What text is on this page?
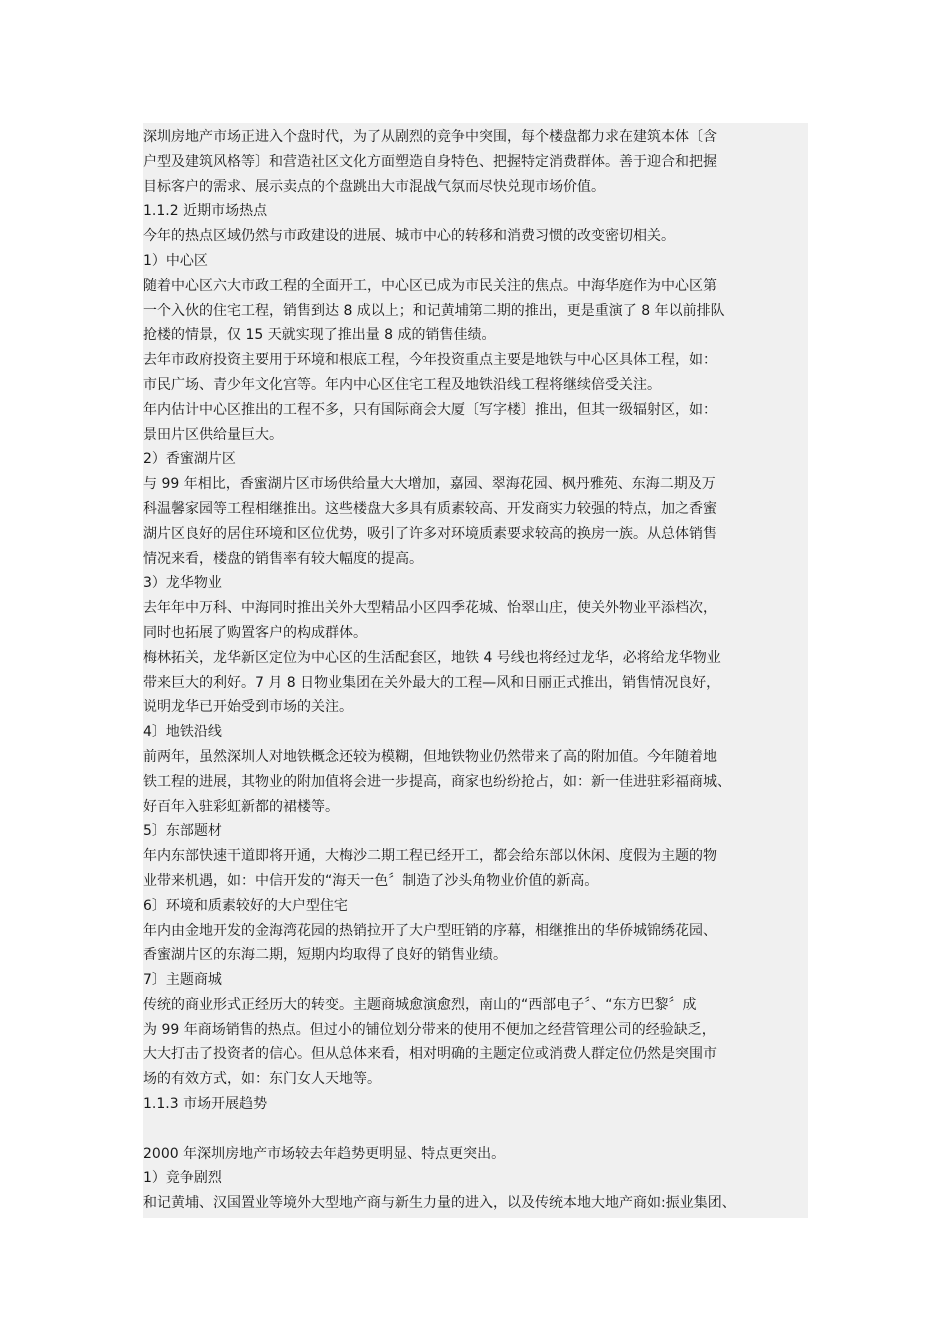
深圳房地产市场正进入个盘时代，为了从剧烈的竞争中突围，每个楼盘都力求在建筑本体〔含
户型及建筑风格等〕和营造社区文化方面塑造自身特色、把握特定消费群体。善于迎合和把握
目标客户的需求、展示卖点的个盘跳出大市混战气氛而尽快兑现市场价值。
1.1.2 近期市场热点
今年的热点区域仍然与市政建设的进展、城市中心的转移和消费习惯的改变密切相关。
1）中心区
随着中心区六大市政工程的全面开工，中心区已成为市民关注的焦点。中海华庭作为中心区第
一个入伙的住宅工程，销售到达 8 成以上；和记黄埔第二期的推出，更是重演了 8 年以前排队
抢楼的情景，仅 15 天就实现了推出量 8 成的销售佳绩。
去年市政府投资主要用于环境和根底工程，今年投资重点主要是地铁与中心区具体工程，如：
市民广场、青少年文化宫等。年内中心区住宅工程及地铁沿线工程将继续倍受关注。
年内估计中心区推出的工程不多，只有国际商会大厦〔写字楼〕推出，但其一级辐射区，如：
景田片区供给量巨大。
2）香蜜湖片区
与 99 年相比，香蜜湖片区市场供给量大大增加，嘉园、翠海花园、枫丹雅苑、东海二期及万
科温馨家园等工程相继推出。这些楼盘大多具有质素较高、开发商实力较强的特点，加之香蜜
湖片区良好的居住环境和区位优势，吸引了许多对环境质素要求较高的换房一族。从总体销售
情况来看，楼盘的销售率有较大幅度的提高。
3）龙华物业
去年年中万科、中海同时推出关外大型精品小区四季花城、怡翠山庄，使关外物业平添档次，
同时也拓展了购置客户的构成群体。
梅林拓关，龙华新区定位为中心区的生活配套区，地铁 4 号线也将经过龙华，必将给龙华物业
带来巨大的利好。7 月 8 日物业集团在关外最大的工程—风和日丽正式推出，销售情况良好，
说明龙华已开始受到市场的关注。
4〕地铁沿线
前两年，虽然深圳人对地铁概念还较为模糊，但地铁物业仍然带来了高的附加值。今年随着地
铁工程的进展，其物业的附加值将会进一步提高，商家也纷纷抢占，如：新一佳进驻彩福商城、
好百年入驻彩虹新都的裙楼等。
5〕东部题材
年内东部快速干道即将开通，大梅沙二期工程已经开工，都会给东部以休闲、度假为主题的物
业带来机遇，如：中信开发的“海天一色〞制造了沙头角物业价值的新高。
6〕环境和质素较好的大户型住宅
年内由金地开发的金海湾花园的热销拉开了大户型旺销的序幕，相继推出的华侨城锦绣花园、
香蜜湖片区的东海二期，短期内均取得了良好的销售业绩。
7〕主题商城
传统的商业形式正经历大的转变。主题商城愈演愈烈，南山的“西部电子〞、“东方巴黎〞成
为 99 年商场销售的热点。但过小的铺位划分带来的使用不便加之经营管理公司的经验缺乏，
大大打击了投资者的信心。但从总体来看，相对明确的主题定位或消费人群定位仍然是突围市
场的有效方式，如：东门女人天地等。
1.1.3 市场开展趋势
2000 年深圳房地产市场较去年趋势更明显、特点更突出。
1）竞争剧烈
和记黄埔、汉国置业等境外大型地产商与新生力量的进入，以及传统本地大地产商如:振业集团、
